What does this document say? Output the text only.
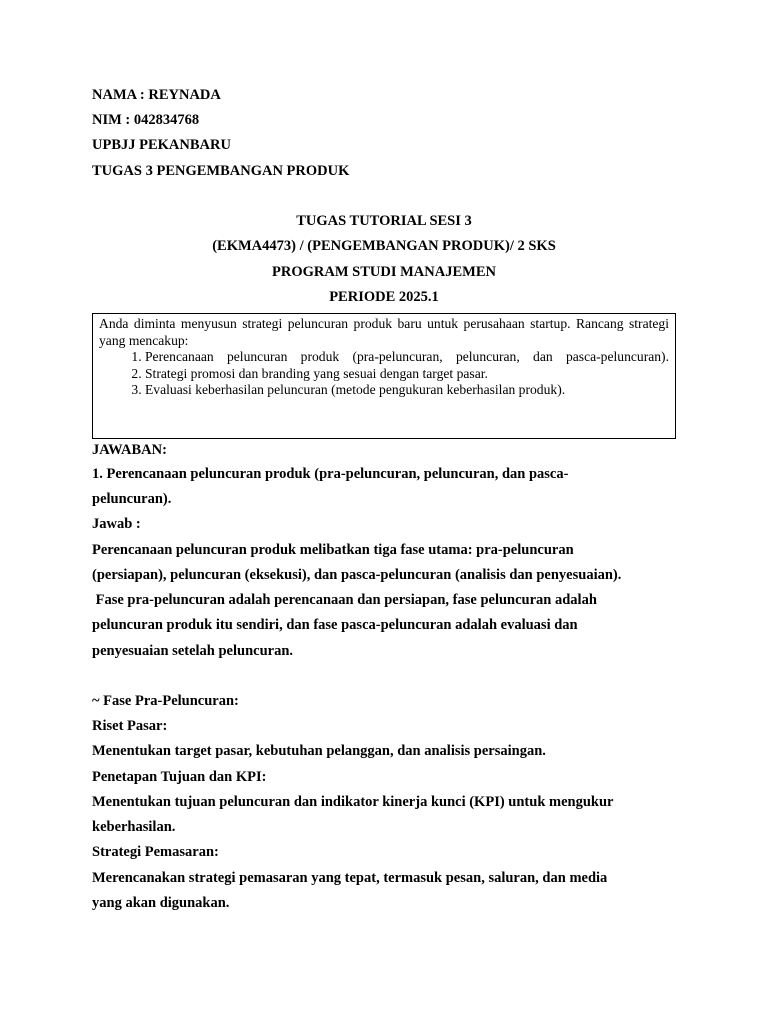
NAMA : REYNADA
NIM : 042834768
UPBJJ PEKANBARU
TUGAS 3 PENGEMBANGAN PRODUK
TUGAS TUTORIAL SESI 3
(EKMA4473) / (PENGEMBANGAN PRODUK)/ 2 SKS
PROGRAM STUDI MANAJEMEN
PERIODE 2025.1

Anda diminta menyusun strategi peluncuran produk baru untuk perusahaan startup. Rancang strategi yang mencakup:

1. Perencanaan peluncuran produk (pra-peluncuran, peluncuran, dan pasca-peluncuran).
2. Strategi promosi dan branding yang sesuai dengan target pasar.
3. Evaluasi keberhasilan peluncuran (metode pengukuran keberhasilan produk).
JAWABAN:
1. Perencanaan peluncuran produk (pra-peluncuran, peluncuran, dan pasca-
peluncuran).
Jawab :
Perencanaan peluncuran produk melibatkan tiga fase utama: pra-peluncuran
(persiapan), peluncuran (eksekusi), dan pasca-peluncuran (analisis dan penyesuaian).
Fase pra-peluncuran adalah perencanaan dan persiapan, fase peluncuran adalah
peluncuran produk itu sendiri, dan fase pasca-peluncuran adalah evaluasi dan
penyesuaian setelah peluncuran.
~ Fase Pra-Peluncuran:
Riset Pasar:
Menentukan target pasar, kebutuhan pelanggan, dan analisis persaingan.
Penetapan Tujuan dan KPI:
Menentukan tujuan peluncuran dan indikator kinerja kunci (KPI) untuk mengukur
keberhasilan.
Strategi Pemasaran:
Merencanakan strategi pemasaran yang tepat, termasuk pesan, saluran, dan media
yang akan digunakan.
